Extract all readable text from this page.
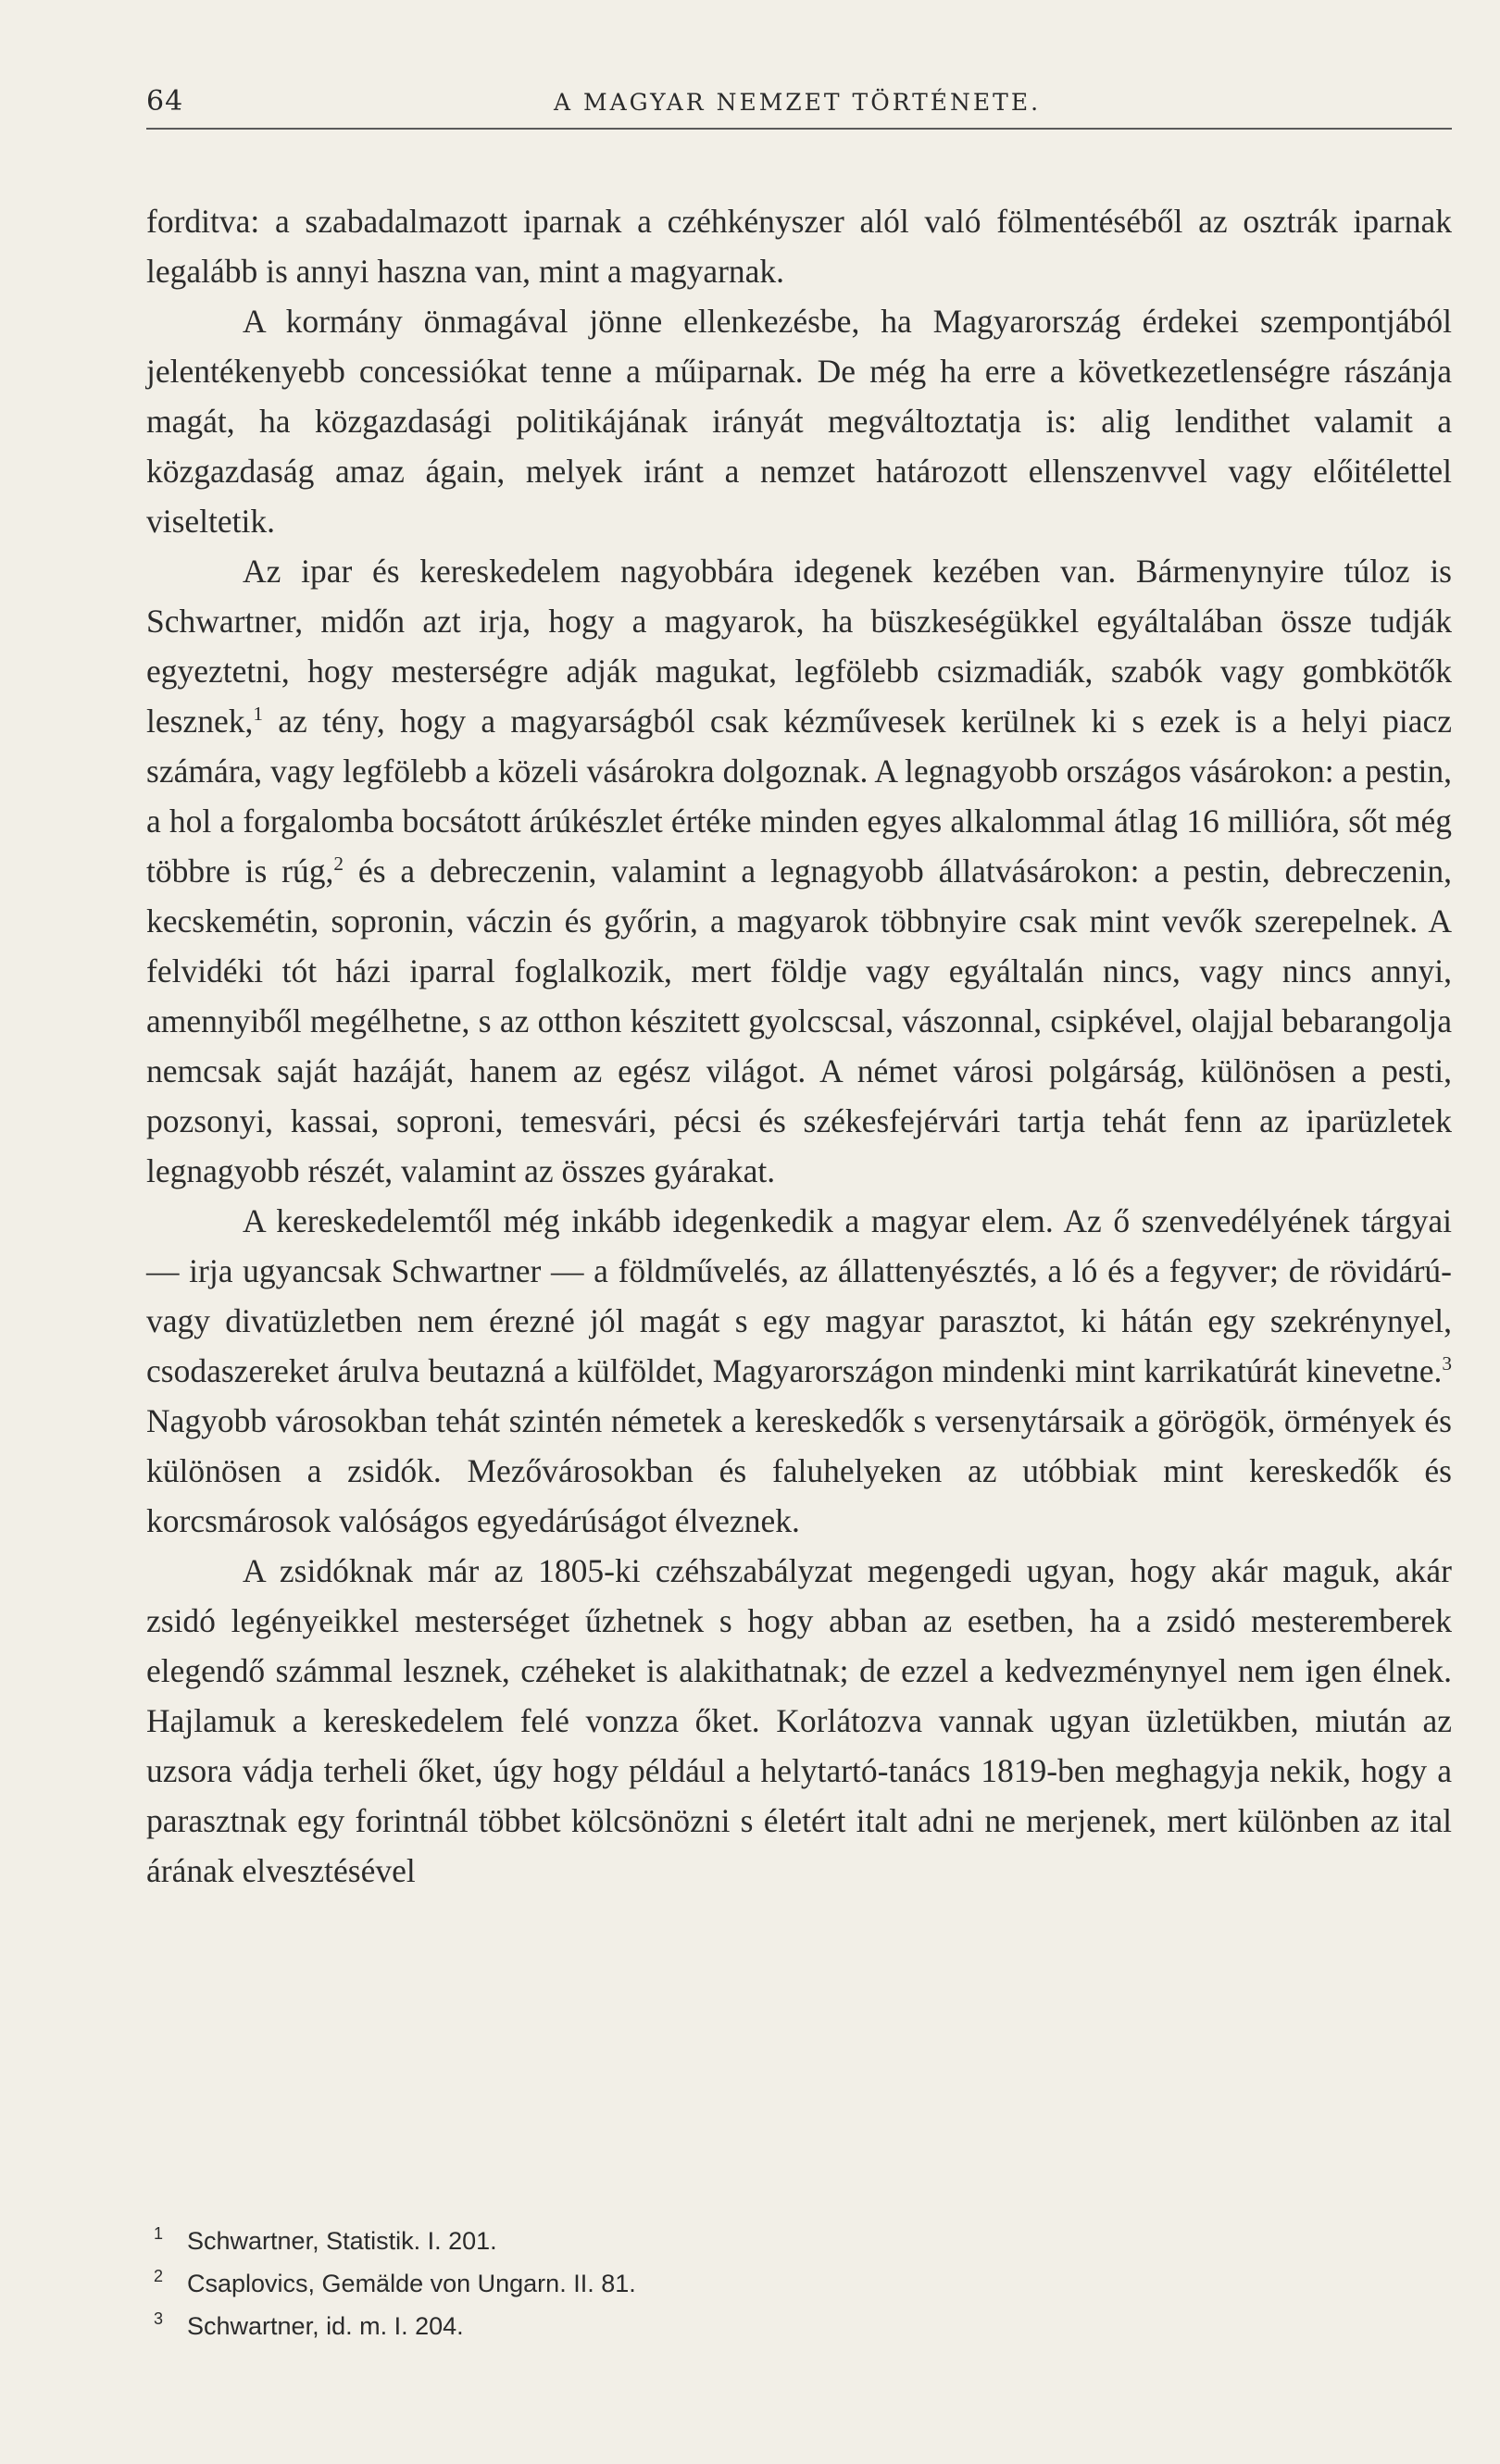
64	A MAGYAR NEMZET TÖRTÉNETE.

forditva: a szabadalmazott iparnak a czéhkényszer alól való fölmentéséből az osztrák iparnak legalább is annyi haszna van, mint a magyarnak.

A kormány önmagával jönne ellenkezésbe, ha Magyarország érdekei szempontjából jelentékenyebb concessiókat tenne a műiparnak. De még ha erre a következetlenségre rászánja magát, ha közgazdasági politikájának irányát megváltoztatja is: alig lendithet valamit a közgazdaság amaz ágain, melyek iránt a nemzet határozott ellenszenvvel vagy előitélettel viseltetik.

Az ipar és kereskedelem nagyobbára idegenek kezében van. Bármenynyire túloz is Schwartner, midőn azt irja, hogy a magyarok, ha büszkeségükkel egyáltalában össze tudják egyeztetni, hogy mesterségre adják magukat, legfölebb csizmadiák, szabók vagy gombkötők lesznek,$^1$ az tény, hogy a magyarságból csak kézművesek kerülnek ki s ezek is a helyi piacz számára, vagy legfölebb a közeli vásárokra dolgoznak. A legnagyobb országos vásárokon: a pestin, a hol a forgalomba bocsátott árúkészlet értéke minden egyes alkalommal átlag 16 millióra, sőt még többre is rúg,$^2$ és a debreczenin, valamint a legnagyobb állatvásárokon: a pestin, debreczenin, kecskemétin, sopronin, váczin és győrin, a magyarok többnyire csak mint vevők szerepelnek. A felvidéki tót házi iparral foglalkozik, mert földje vagy egyáltalán nincs, vagy nincs annyi, amennyiből megélhetne, s az otthon készitett gyolcscsal, vászonnal, csipkével, olajjal bebarangolja nemcsak saját hazáját, hanem az egész világot. A német városi polgárság, különösen a pesti, pozsonyi, kassai, soproni, temesvári, pécsi és székesfejérvári tartja tehát fenn az iparüzletek legnagyobb részét, valamint az összes gyárakat.

A kereskedelemtől még inkább idegenkedik a magyar elem. Az ő szenvedélyének tárgyai — irja ugyancsak Schwartner — a földművelés, az állattenyésztés, a ló és a fegyver; de rövidárú- vagy divatüzletben nem érezné jól magát s egy magyar parasztot, ki hátán egy szekrénynyel, csodaszereket árulva beutazná a külföldet, Magyarországon mindenki mint karrikatúrát kinevetne.$^3$ Nagyobb városokban tehát szintén németek a kereskedők s versenytársaik a görögök, örmények és különösen a zsidók. Mezővárosokban és faluhelyeken az utóbbiak mint kereskedők és korcsmárosok valóságos egyedárúságot élveznek.

A zsidóknak már az 1805-ki czéhszabályzat megengedi ugyan, hogy akár maguk, akár zsidó legényeikkel mesterséget űzhetnek s hogy abban az esetben, ha a zsidó mesteremberek elegendő számmal lesznek, czéheket is alakithatnak; de ezzel a kedvezménynyel nem igen élnek. Hajlamuk a kereskedelem felé vonzza őket. Korlátozva vannak ugyan üzletükben, miután az uzsora vádja terheli őket, úgy hogy például a helytartó-tanács 1819-ben meghagyja nekik, hogy a parasztnak egy forintnál többet kölcsönözni s életért italt adni ne merjenek, mert különben az ital árának elvesztésével

1 Schwartner, Statistik. I. 201.
2 Csaplovics, Gemälde von Ungarn. II. 81.
3 Schwartner, id. m. I. 204.
